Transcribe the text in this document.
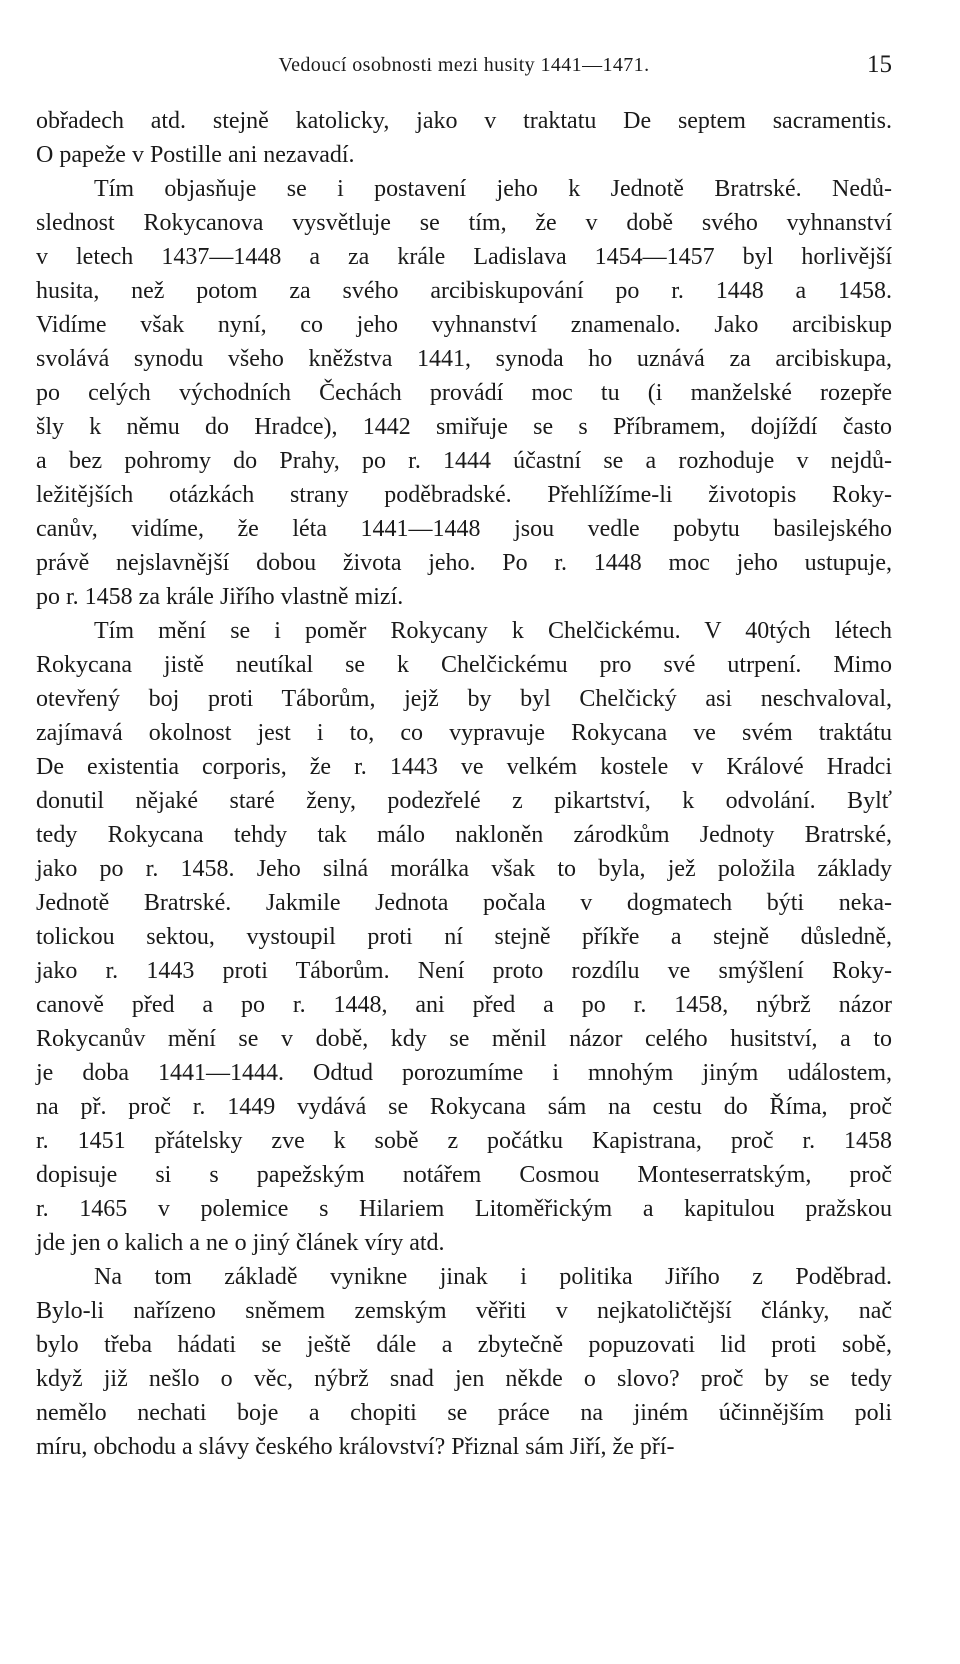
Vedoucí osobnosti mezi husity 1441—1471.	15

obřadech atd. stejně katolicky, jako v traktatu De septem sacramentis.

O papeže v Postille ani nezavadí.

Tím objasňuje se i postavení jeho k Jednotě Bratrské. Nedů-

slednost Rokycanova vysvětluje se tím, že v době svého vyhnanství

v letech 1437—1448 a za krále Ladislava 1454—1457 byl horlivější

husita, než potom za svého arcibiskupování po r. 1448 a 1458.

Vidíme však nyní, co jeho vyhnanství znamenalo. Jako arcibiskup

svolává synodu všeho kněžstva 1441, synoda ho uznává za arcibiskupa,

po celých východních Čechách provádí moc tu (i manželské rozepře

šly k němu do Hradce), 1442 smiřuje se s Příbramem, dojíždí často

a bez pohromy do Prahy, po r. 1444 účastní se a rozhoduje v nejdů-

ležitějších otázkách strany poděbradské. Přehlížíme-li životopis Roky-

canův, vidíme, že léta 1441—1448 jsou vedle pobytu basilejského

právě nejslavnější dobou života jeho. Po r. 1448 moc jeho ustupuje,

po r. 1458 za krále Jiřího vlastně mizí.

Tím mění se i poměr Rokycany k Chelčickému. V 40tých létech

Rokycana jistě neutíkal se k Chelčickému pro své utrpení. Mimo

otevřený boj proti Táborům, jejž by byl Chelčický asi neschvaloval,

zajímavá okolnost jest i to, co vypravuje Rokycana ve svém traktátu

De existentia corporis, že r. 1443 ve velkém kostele v Králové Hradci

donutil nějaké staré ženy, podezřelé z pikartství, k odvolání. Bylť

tedy Rokycana tehdy tak málo nakloněn zárodkům Jednoty Bratrské,

jako po r. 1458. Jeho silná morálka však to byla, jež položila základy

Jednotě Bratrské. Jakmile Jednota počala v dogmatech býti neka-

tolickou sektou, vystoupil proti ní stejně příkře a stejně důsledně,

jako r. 1443 proti Táborům. Není proto rozdílu ve smýšlení Roky-

canově před a po r. 1448, ani před a po r. 1458, nýbrž názor

Rokycanův mění se v době, kdy se měnil názor celého husitství, a to

je doba 1441—1444. Odtud porozumíme i mnohým jiným událostem,

na př. proč r. 1449 vydává se Rokycana sám na cestu do Říma, proč

r. 1451 přátelsky zve k sobě z počátku Kapistrana, proč r. 1458

dopisuje si s papežským notářem Cosmou Monteserratským, proč

r. 1465 v polemice s Hilariem Litoměřickým a kapitulou pražskou

jde jen o kalich a ne o jiný článek víry atd.

Na tom základě vynikne jinak i politika Jiřího z Poděbrad.

Bylo-li nařízeno sněmem zemským věřiti v nejkatoličtější články, nač

bylo třeba hádati se ještě dále a zbytečně popuzovati lid proti sobě,

když již nešlo o věc, nýbrž snad jen někde o slovo? proč by se tedy

nemělo nechati boje a chopiti se práce na jiném účinnějším poli

míru, obchodu a slávy českého království? Přiznal sám Jiří, že pří-
